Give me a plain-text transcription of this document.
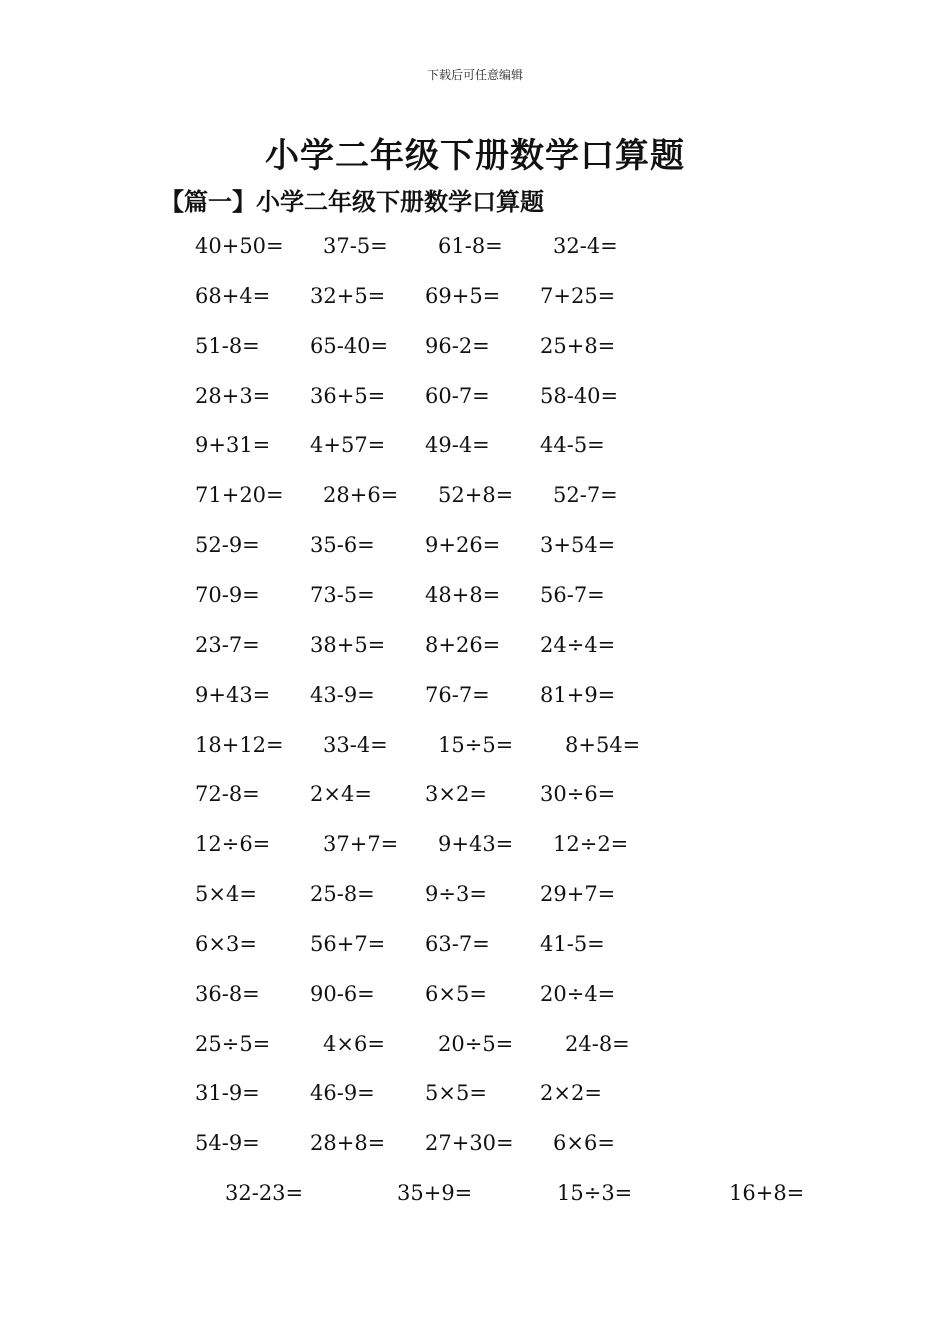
下载后可任意编辑
小学二年级下册数学口算题
【篇一】小学二年级下册数学口算题
40+50= 37-5= 61-8= 32-4=
68+4= 32+5= 69+5= 7+25=
51-8= 65-40= 96-2= 25+8=
28+3= 36+5= 60-7= 58-40=
9+31= 4+57= 49-4= 44-5=
71+20= 28+6= 52+8= 52-7=
52-9= 35-6= 9+26= 3+54=
70-9= 73-5= 48+8= 56-7=
23-7= 38+5= 8+26= 24÷4=
9+43= 43-9= 76-7= 81+9=
18+12= 33-4= 15÷5= 8+54=
72-8= 2×4=	3×2=	30÷6=
12÷6=	37+7= 9+43= 12÷2=
5×4=	25-8= 9÷3=	29+7=
6×3=	56+7= 63-7= 41-5=
36-8= 90-6= 6×5=	20÷4=
25÷5=	4×6=	20÷5= 24-8=
31-9= 46-9= 5×5=	2×2=
54-9= 28+8= 27+30= 6×6=
32-23=	35+9=	15÷3=	16+8=
